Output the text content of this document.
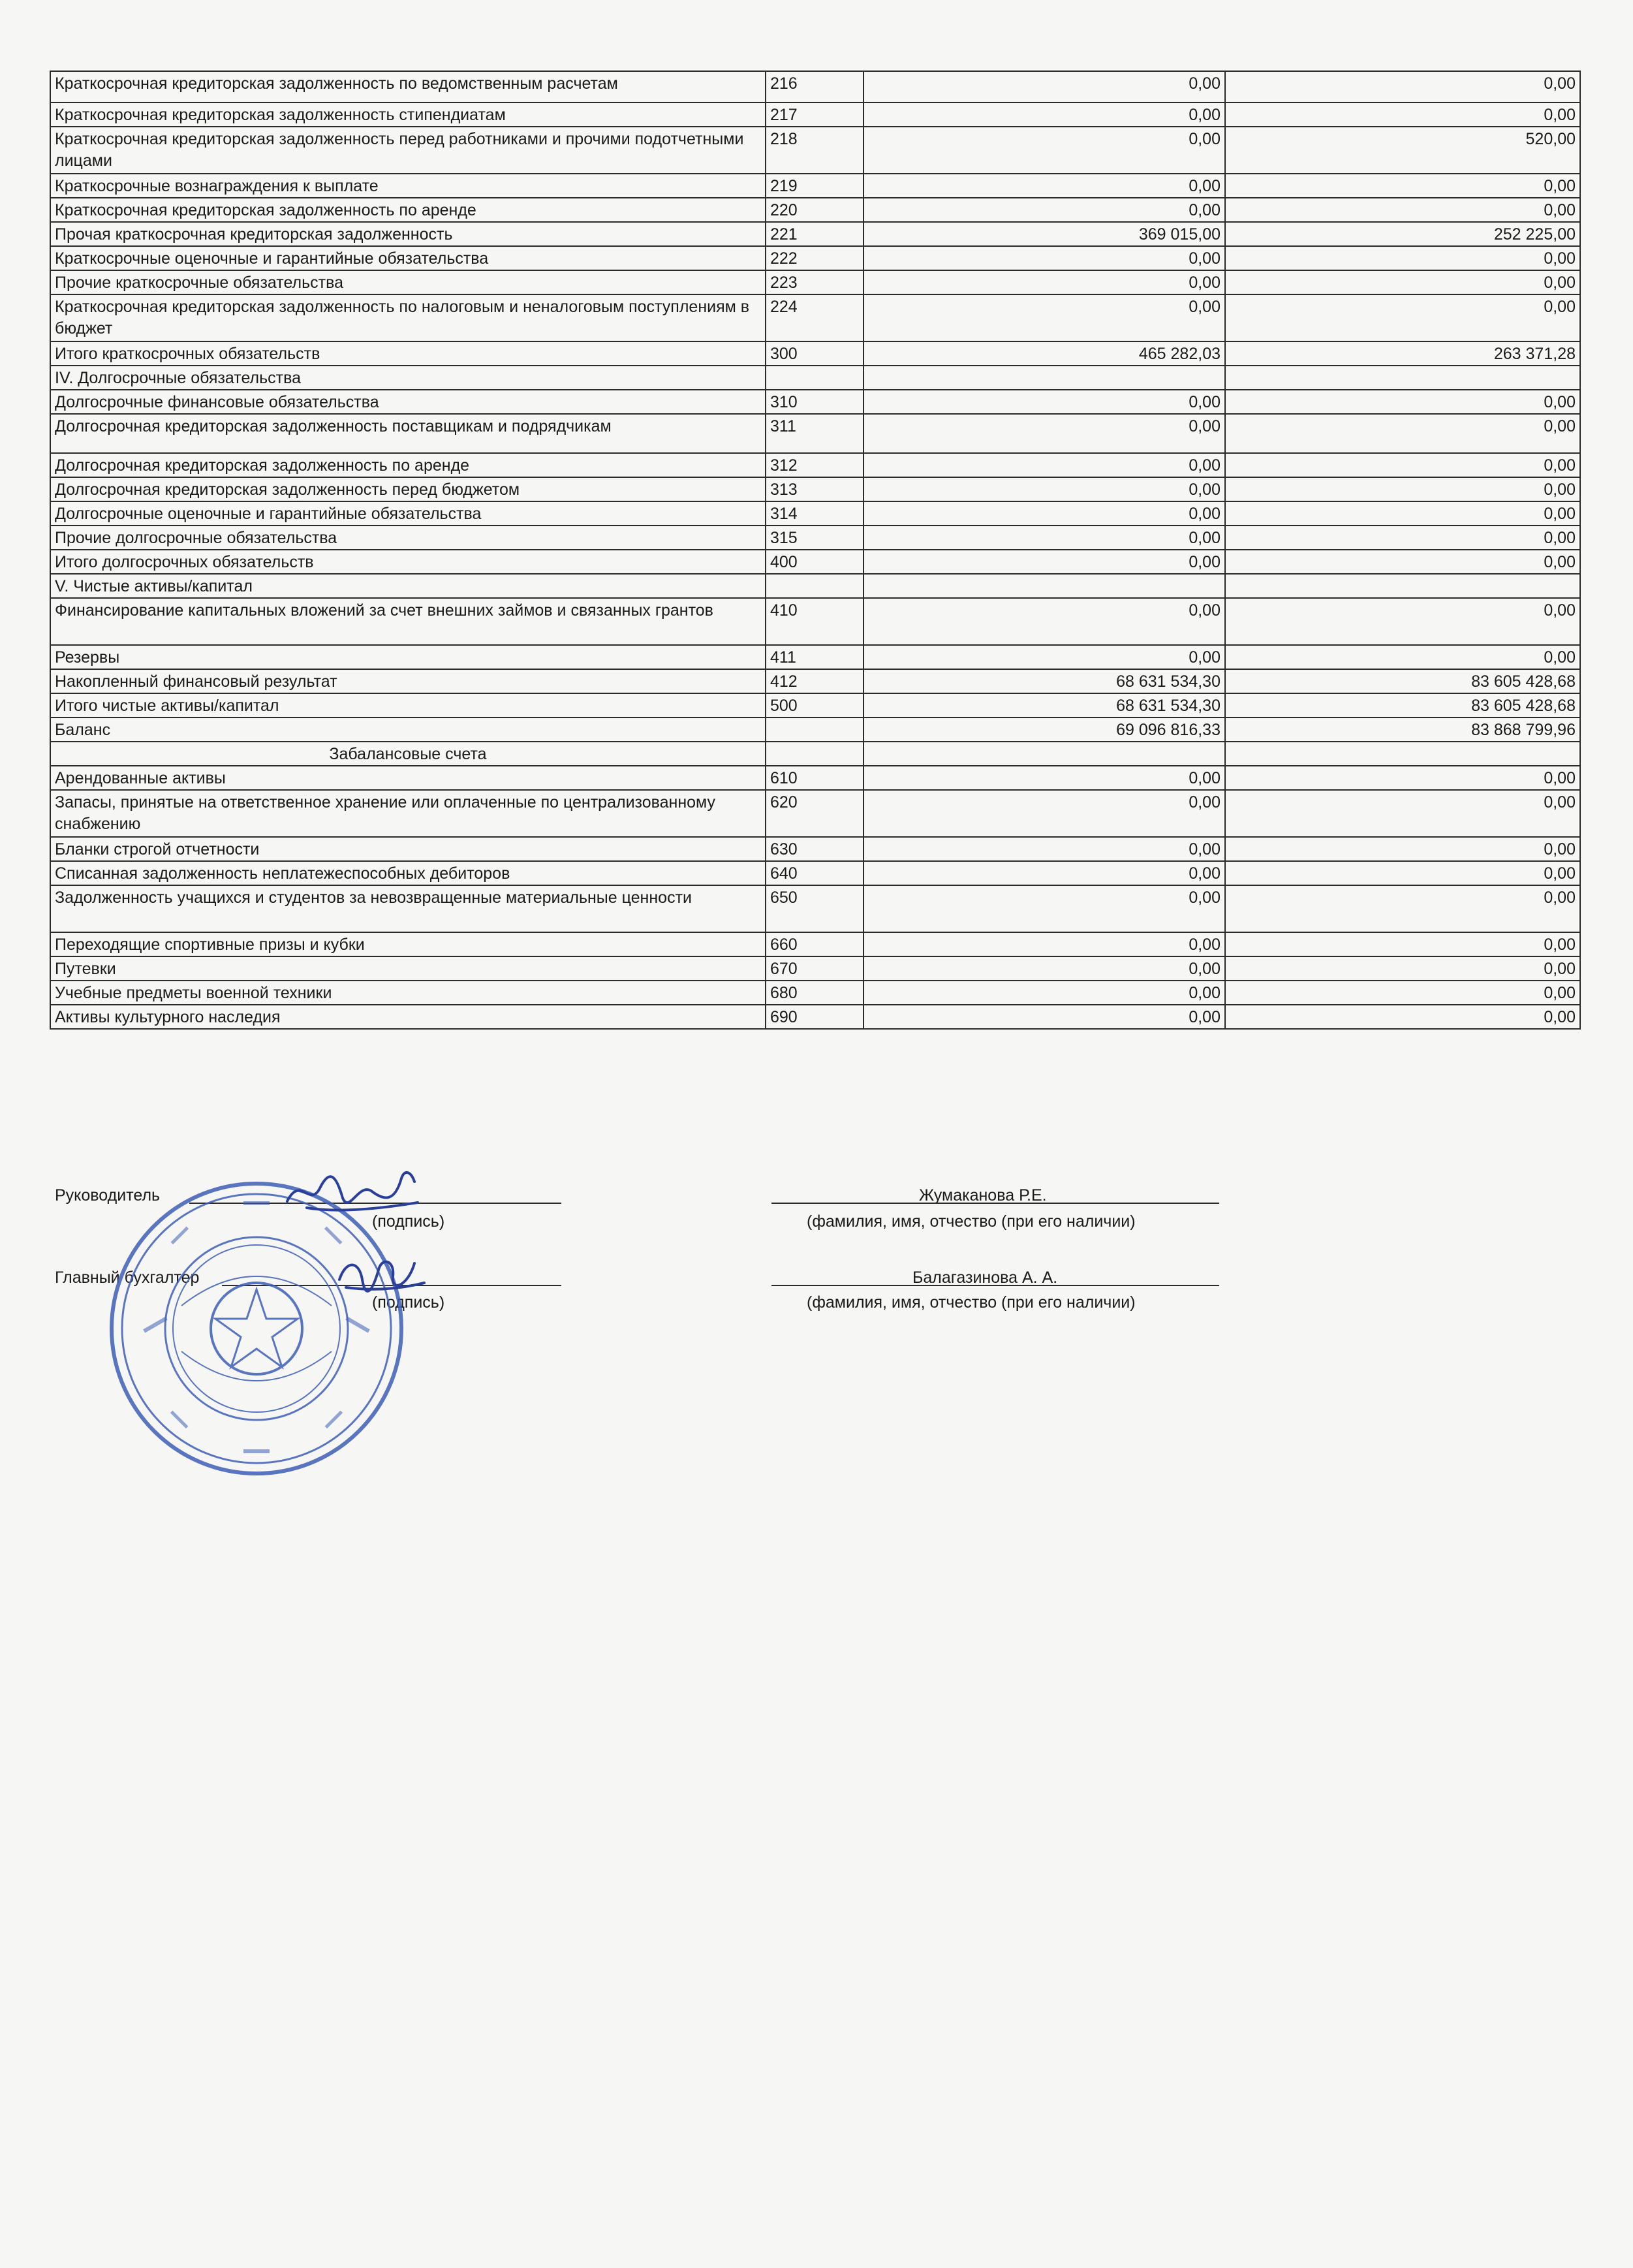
Краткосрочная кредиторская задолженность по ведомственным расчетам	216	0,00	0,00
Краткосрочная кредиторская задолженность стипендиатам	217	0,00	0,00
Краткосрочная кредиторская задолженность перед работниками и прочими подотчетными лицами	218	0,00	520,00
Краткосрочные вознаграждения к выплате	219	0,00	0,00
Краткосрочная кредиторская задолженность по аренде	220	0,00	0,00
Прочая краткосрочная кредиторская задолженность	221	369 015,00	252 225,00
Краткосрочные оценочные и гарантийные обязательства	222	0,00	0,00
Прочие краткосрочные обязательства	223	0,00	0,00
Краткосрочная кредиторская задолженность по налоговым и неналоговым поступлениям в бюджет	224	0,00	0,00
Итого краткосрочных обязательств	300	465 282,03	263 371,28
IV. Долгосрочные обязательства			
Долгосрочные финансовые обязательства	310	0,00	0,00
Долгосрочная кредиторская задолженность поставщикам и подрядчикам	311	0,00	0,00
Долгосрочная кредиторская задолженность по аренде	312	0,00	0,00
Долгосрочная кредиторская задолженность перед бюджетом	313	0,00	0,00
Долгосрочные оценочные и гарантийные обязательства	314	0,00	0,00
Прочие долгосрочные обязательства	315	0,00	0,00
Итого долгосрочных обязательств	400	0,00	0,00
V. Чистые активы/капитал			
Финансирование капитальных вложений за счет внешних займов и связанных грантов	410	0,00	0,00
Резервы	411	0,00	0,00
Накопленный финансовый результат	412	68 631 534,30	83 605 428,68
Итого чистые активы/капитал	500	68 631 534,30	83 605 428,68
Баланс		69 096 816,33	83 868 799,96
Забалансовые счета			
Арендованные активы	610	0,00	0,00
Запасы, принятые на ответственное хранение или оплаченные по централизованному снабжению	620	0,00	0,00
Бланки строгой отчетности	630	0,00	0,00
Списанная задолженность неплатежеспособных дебиторов	640	0,00	0,00
Задолженность учащихся и студентов за невозвращенные материальные ценности	650	0,00	0,00
Переходящие спортивные призы и кубки	660	0,00	0,00
Путевки	670	0,00	0,00
Учебные предметы военной техники	680	0,00	0,00
Активы культурного наследия	690	0,00	0,00
Руководитель
(подпись)
Жумаканова Р.Е.
(фамилия, имя, отчество (при его наличии)
Главный бухгалтер
(подпись)
Балагазинова А. А.
(фамилия, имя, отчество (при его наличии)
